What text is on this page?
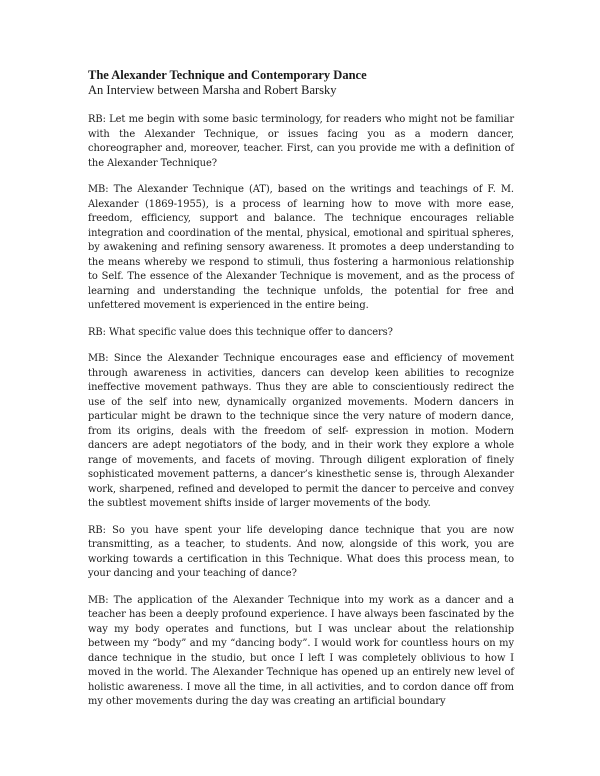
The Alexander Technique and Contemporary Dance

An Interview between Marsha and Robert Barsky

RB: Let me begin with some basic terminology, for readers who might not be familiar with the Alexander Technique, or issues facing you as a modern dancer, choreographer and, moreover, teacher. First, can you provide me with a definition of the Alexander Technique?

MB: The Alexander Technique (AT), based on the writings and teachings of F. M. Alexander (1869-1955), is a process of learning how to move with more ease, freedom, efficiency, support and balance. The technique encourages reliable integration and coordination of the mental, physical, emotional and spiritual spheres, by awakening and refining sensory awareness. It promotes a deep understanding to the means whereby we respond to stimuli, thus fostering a harmonious relationship to Self. The essence of the Alexander Technique is movement, and as the process of learning and understanding the technique unfolds, the potential for free and unfettered movement is experienced in the entire being.

RB: What specific value does this technique offer to dancers?

MB: Since the Alexander Technique encourages ease and efficiency of movement through awareness in activities, dancers can develop keen abilities to recognize ineffective movement pathways. Thus they are able to conscientiously redirect the use of the self into new, dynamically organized movements. Modern dancers in particular might be drawn to the technique since the very nature of modern dance, from its origins, deals with the freedom of self- expression in motion. Modern dancers are adept negotiators of the body, and in their work they explore a whole range of movements, and facets of moving. Through diligent exploration of finely sophisticated movement patterns, a dancer’s kinesthetic sense is, through Alexander work, sharpened, refined and developed to permit the dancer to perceive and convey the subtlest movement shifts inside of larger movements of the body.

RB: So you have spent your life developing dance technique that you are now transmitting, as a teacher, to students. And now, alongside of this work, you are working towards a certification in this Technique. What does this process mean, to your dancing and your teaching of dance?

MB: The application of the Alexander Technique into my work as a dancer and a teacher has been a deeply profound experience. I have always been fascinated by the way my body operates and functions, but I was unclear about the relationship between my “body” and my “dancing body”. I would work for countless hours on my dance technique in the studio, but once I left I was completely oblivious to how I moved in the world. The Alexander Technique has opened up an entirely new level of holistic awareness. I move all the time, in all activities, and to cordon dance off from my other movements during the day was creating an artificial boundary
